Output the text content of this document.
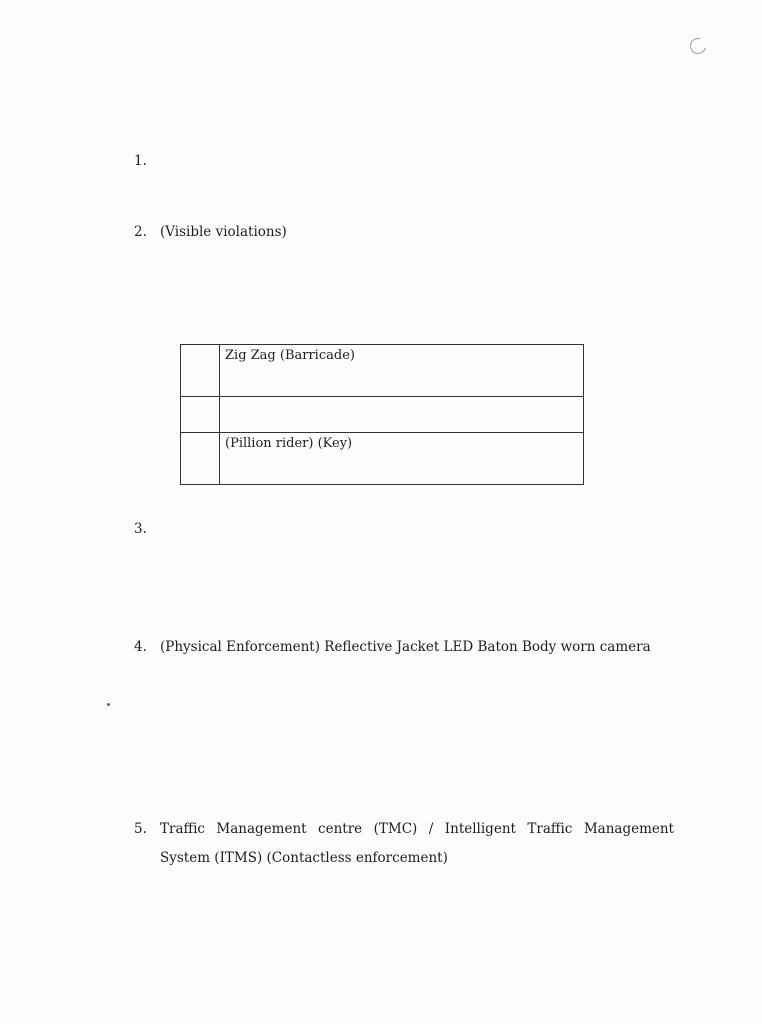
1.
2. (Visible violations)
	Zig Zag (Barricade)

	(Pillion rider) (Key)
3.
4. (Physical Enforcement) Reflective Jacket LED Baton Body worn camera
5. Traffic Management centre (TMC) / Intelligent Traffic Management System (ITMS) (Contactless enforcement)
